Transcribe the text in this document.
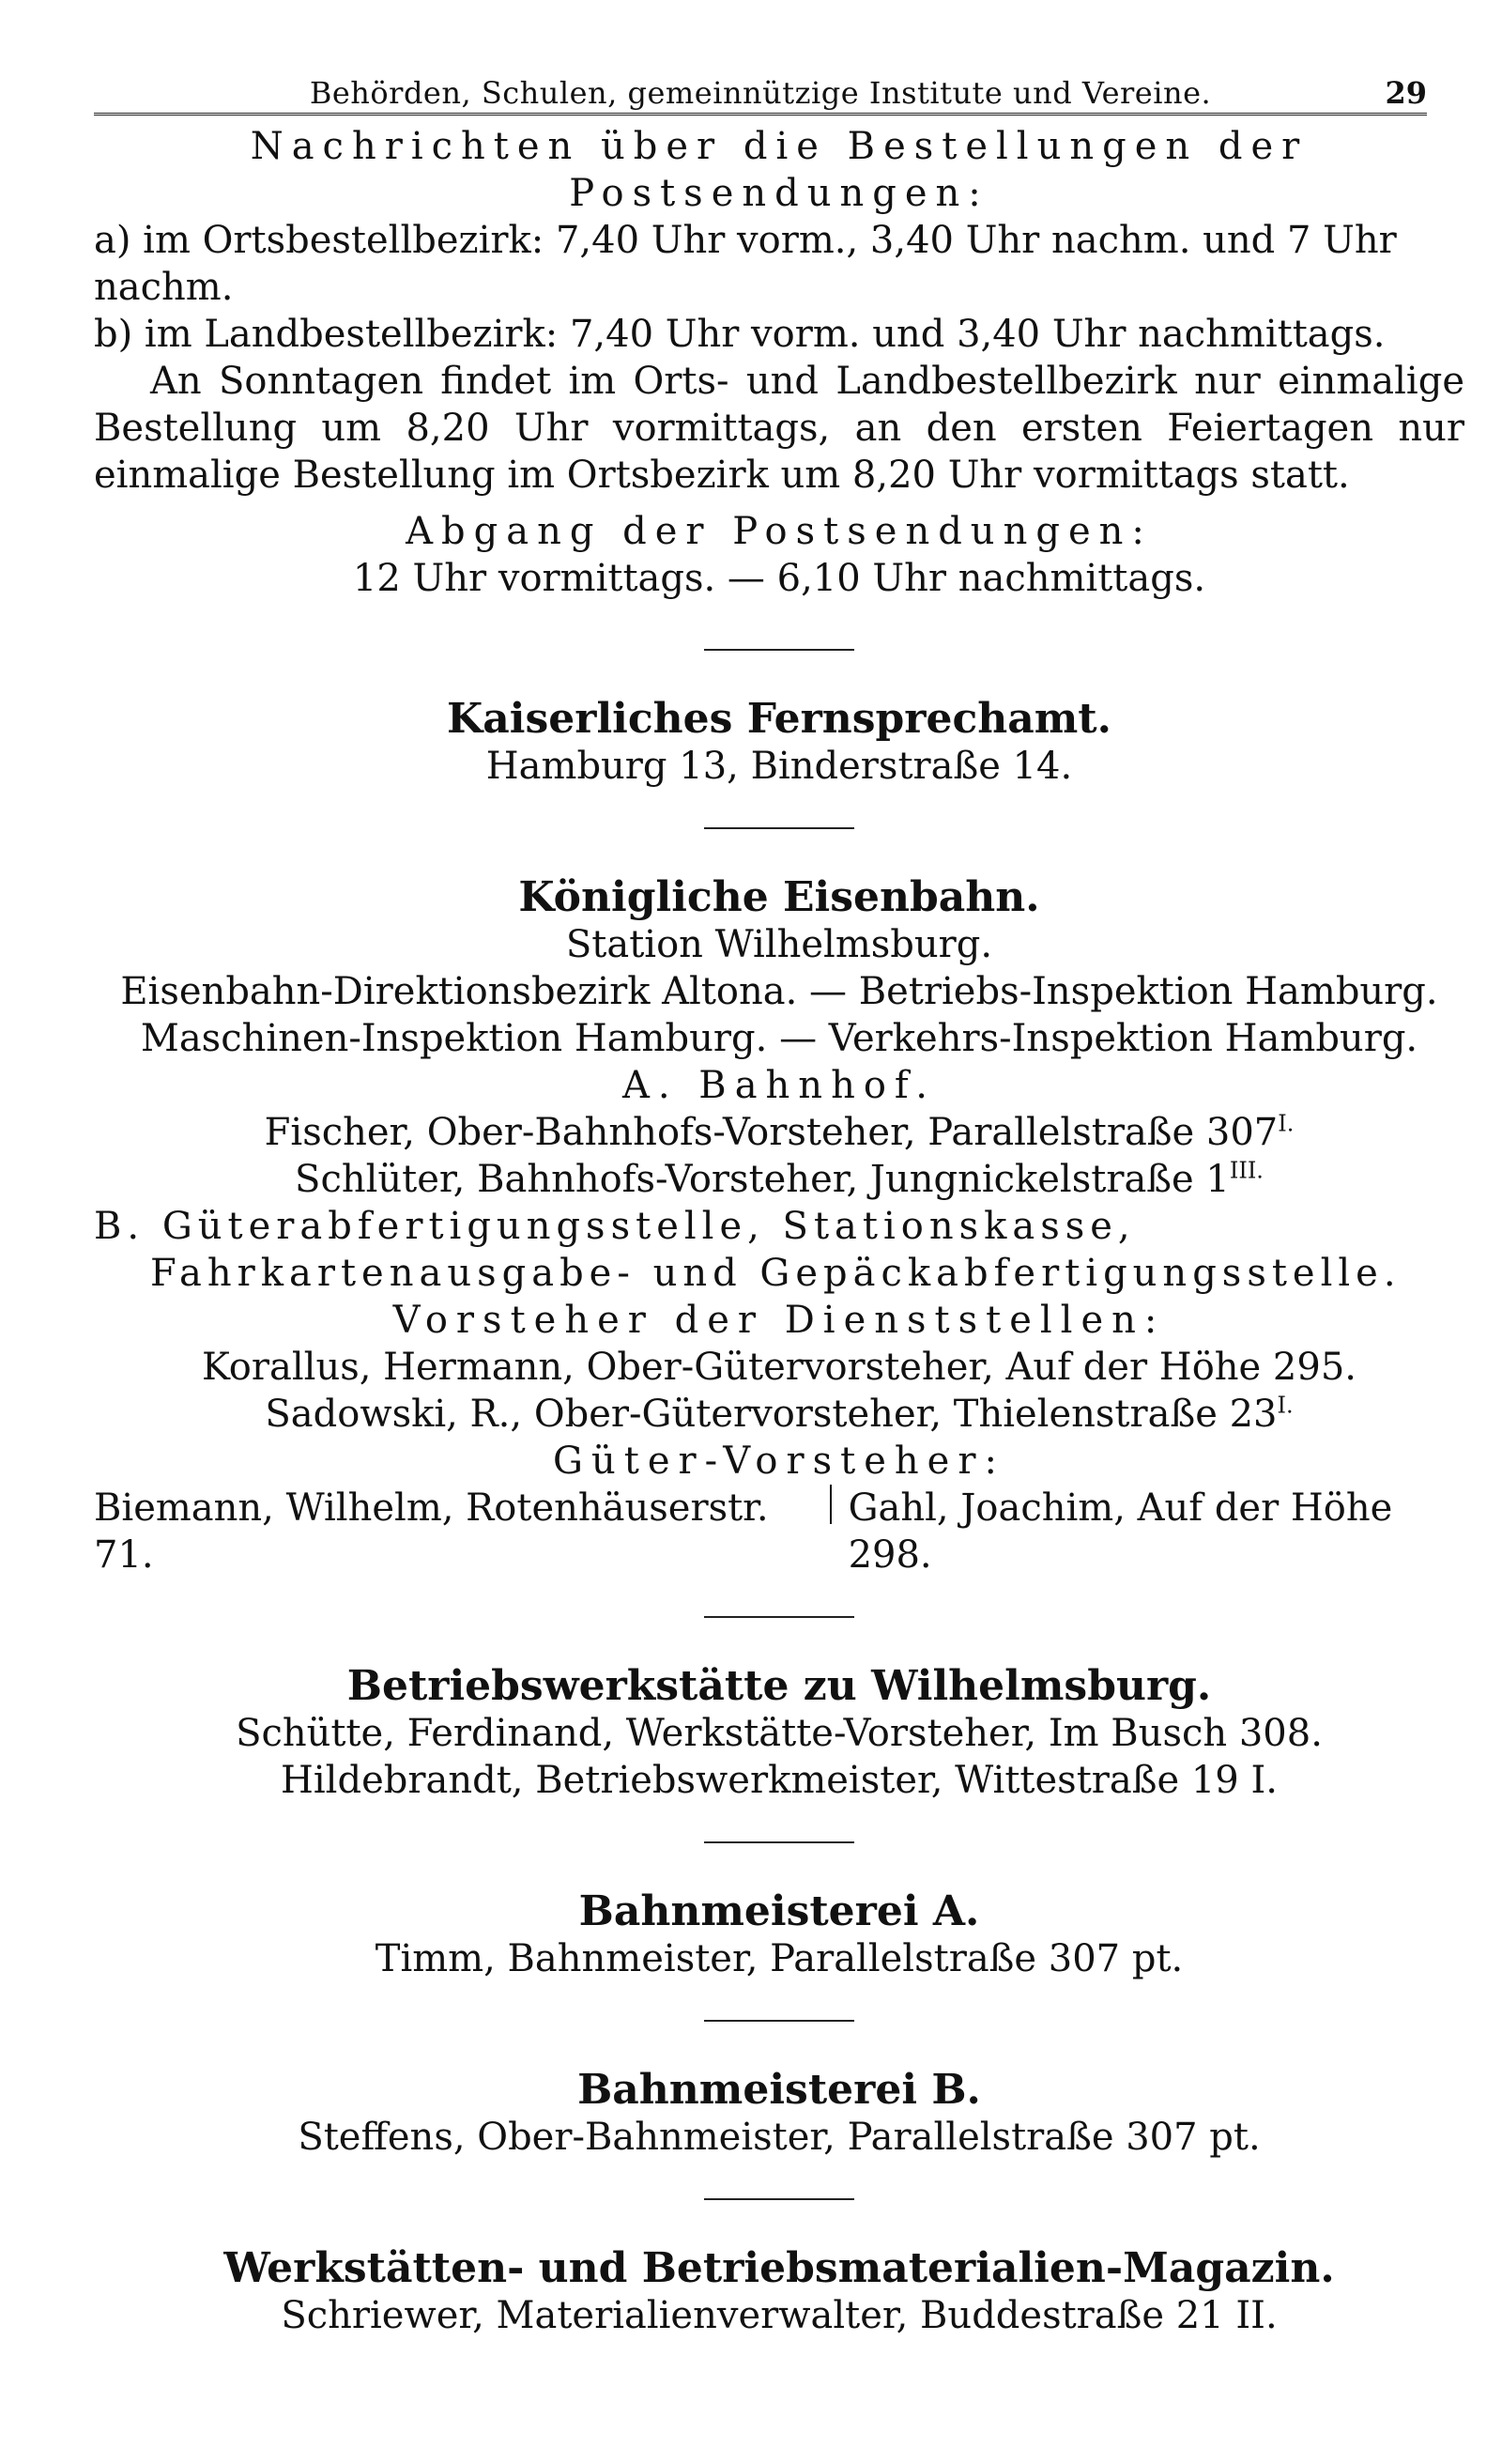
Behörden, Schulen, gemeinnützige Institute und Vereine.	29

Nachrichten über die Bestellungen der Postsendungen:

a) im Ortsbestellbezirk: 7,40 Uhr vorm., 3,40 Uhr nachm. und 7 Uhr nachm.

b) im Landbestellbezirk: 7,40 Uhr vorm. und 3,40 Uhr nachmittags.

An Sonntagen findet im Orts- und Landbestellbezirk nur einmalige Bestellung um 8,20 Uhr vormittags, an den ersten Feiertagen nur einmalige Bestellung im Ortsbezirk um 8,20 Uhr vormittags statt.

Abgang der Postsendungen:

12 Uhr vormittags. — 6,10 Uhr nachmittags.

Kaiserliches Fernsprechamt.

Hamburg 13, Binderstraße 14.

Königliche Eisenbahn.

Station Wilhelmsburg.

Eisenbahn-Direktionsbezirk Altona. — Betriebs-Inspektion Hamburg.

Maschinen-Inspektion Hamburg. — Verkehrs-Inspektion Hamburg.

A. Bahnhof.

Fischer, Ober-Bahnhofs-Vorsteher, Parallelstraße $307^{I.}$

Schlüter, Bahnhofs-Vorsteher, Jungnickelstraße $1^{III.}$

B. Güterabfertigungsstelle, Stationskasse, Fahrkartenausgabe- und Gepäckabfertigungsstelle.

Vorsteher der Dienststellen:

Korallus, Hermann, Ober-Gütervorsteher, Auf der Höhe 295.

Sadowski, R., Ober-Gütervorsteher, Thielenstraße $23^{I.}$

Güter-Vorsteher:

Biemann, Wilhelm, Rotenhäuserstr. 71.
Gahl, Joachim, Auf der Höhe 298.

Betriebswerkstätte zu Wilhelmsburg.

Schütte, Ferdinand, Werkstätte-Vorsteher, Im Busch 308.

Hildebrandt, Betriebswerkmeister, Wittestraße 19 I.

Bahnmeisterei A.

Timm, Bahnmeister, Parallelstraße 307 pt.

Bahnmeisterei B.

Steffens, Ober-Bahnmeister, Parallelstraße 307 pt.

Werkstätten- und Betriebsmaterialien-Magazin.

Schriewer, Materialienverwalter, Buddestraße 21 II.
